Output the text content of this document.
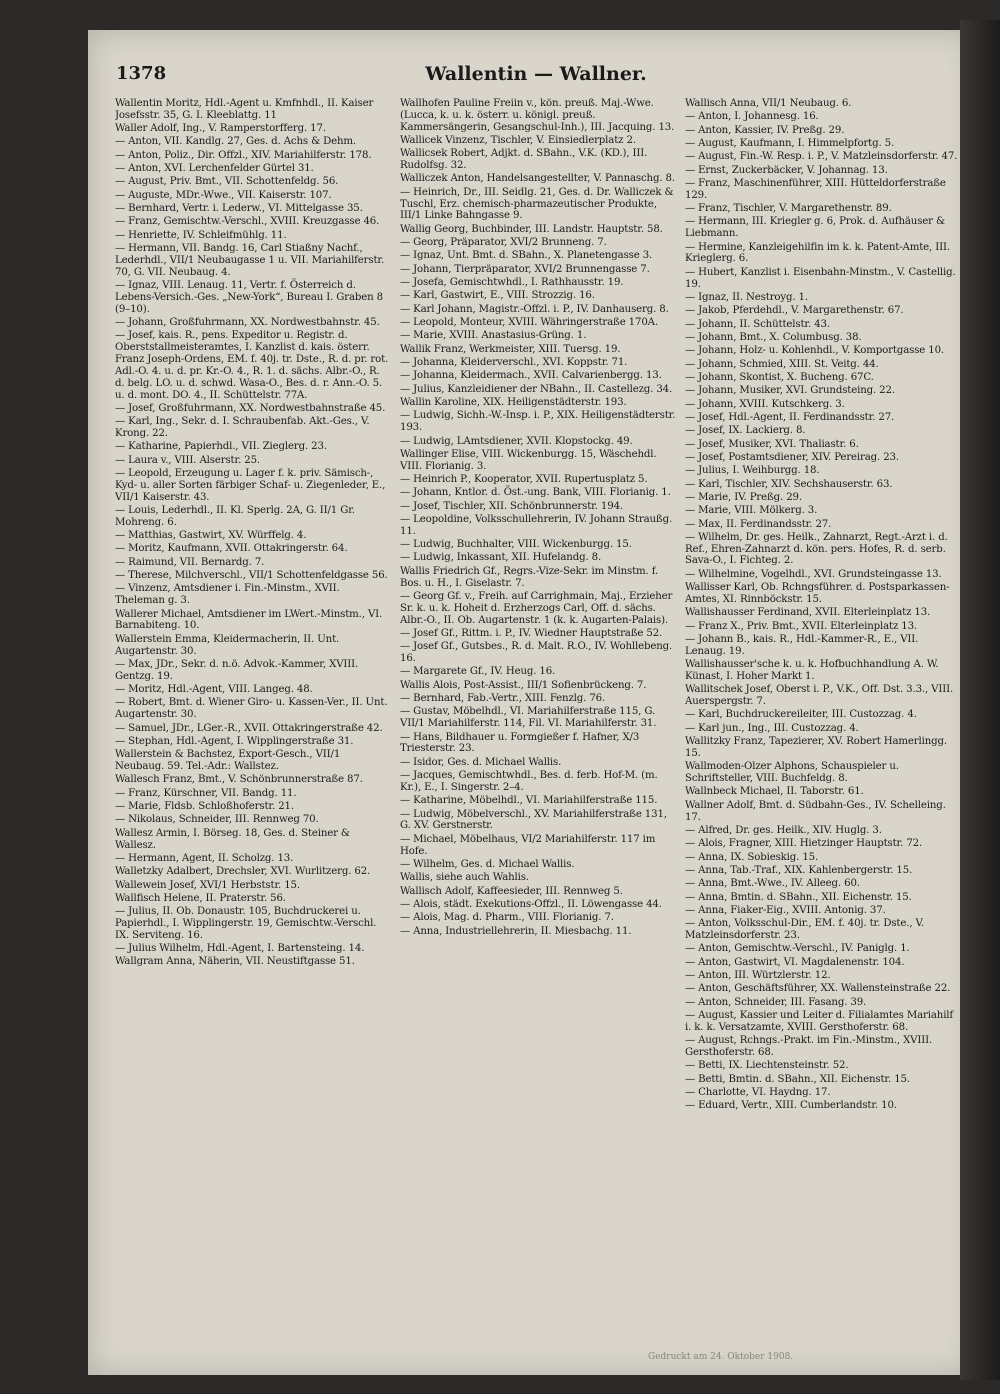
1378	Wallentin — Wallner.

Wallentin Moritz, Hdl.-Agent u. Kmfnhdl., II. Kaiser Josefsstr. 35, G. I. Kleeblattg. 11

Waller Adolf, Ing., V. Ramperstorfferg. 17.

— Anton, VII. Kandlg. 27, Ges. d. Achs & Dehm.

— Anton, Poliz., Dir. Offzl., XIV. Mariahilferstr. 178.

— Anton, XVI. Lerchenfelder Gürtel 31.

— August, Priv. Bmt., VII. Schottenfeldg. 56.

— Auguste, MDr.-Wwe., VII. Kaiserstr. 107.

— Bernhard, Vertr. i. Lederw., VI. Mittelgasse 35.

— Franz, Gemischtw.-Verschl., XVIII. Kreuzgasse 46.

— Henriette, IV. Schleifmühlg. 11.

— Hermann, VII. Bandg. 16, Carl Stiaßny Nachf., Lederhdl., VII/1 Neubaugasse 1 u. VII. Mariahilferstr. 70, G. VII. Neubaug. 4.

— Ignaz, VIII. Lenaug. 11, Vertr. f. Österreich d. Lebens-Versich.-Ges. „New-York“, Bureau I. Graben 8 (9–10).

— Johann, Großfuhrmann, XX. Nordwestbahnstr. 45.

— Josef, kais. R., pens. Expeditor u. Registr. d. Oberststallmeisteramtes, I. Kanzlist d. kais. österr. Franz Joseph-Ordens, EM. f. 40j. tr. Dste., R. d. pr. rot. Adl.-O. 4. u. d. pr. Kr.-O. 4., R. 1. d. sächs. Albr.-O., R. d. belg. LO. u. d. schwd. Wasa-O., Bes. d. r. Ann.-O. 5. u. d. mont. DO. 4., II. Schüttelstr. 77A.

— Josef, Großfuhrmann, XX. Nordwestbahnstraße 45.

— Karl, Ing., Sekr. d. I. Schraubenfab. Akt.-Ges., V. Krong. 22.

— Katharine, Papierhdl., VII. Zieglerg. 23.

— Laura v., VIII. Alserstr. 25.

— Leopold, Erzeugung u. Lager f. k. priv. Sämisch-, Kyd- u. aller Sorten färbiger Schaf- u. Ziegenleder, E., VII/1 Kaiserstr. 43.

— Louis, Lederhdl., II. Kl. Sperlg. 2A, G. II/1 Gr. Mohreng. 6.

— Matthias, Gastwirt, XV. Würffelg. 4.

— Moritz, Kaufmann, XVII. Ottakringerstr. 64.

— Raimund, VII. Bernardg. 7.

— Therese, Milchverschl., VII/1 Schottenfeldgasse 56.

— Vinzenz, Amtsdiener i. Fin.-Minstm., XVII. Theleman g. 3.

Wallerer Michael, Amtsdiener im LWert.-Minstm., VI. Barnabiteng. 10.

Wallerstein Emma, Kleidermacherin, II. Unt. Augartenstr. 30.

— Max, JDr., Sekr. d. n.ö. Advok.-Kammer, XVIII. Gentzg. 19.

— Moritz, Hdl.-Agent, VIII. Langeg. 48.

— Robert, Bmt. d. Wiener Giro- u. Kassen-Ver., II. Unt. Augartenstr. 30.

— Samuel, JDr., LGer.-R., XVII. Ottakringerstraße 42.

— Stephan, Hdl.-Agent, I. Wipplingerstraße 31.

Wallerstein & Bachstez, Export-Gesch., VII/1 Neubaug. 59. Tel.-Adr.: Wallstez.

Wallesch Franz, Bmt., V. Schönbrunnerstraße 87.

— Franz, Kürschner, VII. Bandg. 11.

— Marie, Fldsb. Schloßhoferstr. 21.

— Nikolaus, Schneider, III. Rennweg 70.

Wallesz Armin, I. Börseg. 18, Ges. d. Steiner & Wallesz.

— Hermann, Agent, II. Scholzg. 13.

Walletzky Adalbert, Drechsler, XVI. Wurlitzerg. 62.

Wallewein Josef, XVI/1 Herbststr. 15.

Wallfisch Helene, II. Praterstr. 56.

— Julius, II. Ob. Donaustr. 105, Buchdruckerei u. Papierhdl., I. Wipplingerstr. 19, Gemischtw.-Verschl. IX. Serviteng. 16.

— Julius Wilhelm, Hdl.-Agent, I. Bartensteing. 14.

Wallgram Anna, Näherin, VII. Neustiftgasse 51.

Wallhofen Pauline Freiin v., kön. preuß. Maj.-Wwe. (Lucca, k. u. k. österr. u. königl. preuß. Kammersängerin, Gesangschul-Inh.), III. Jacquing. 13.

Wallicek Vinzenz, Tischler, V. Einsiedlerplatz 2.

Wallicsek Robert, Adjkt. d. SBahn., V.K. (KD.), III. Rudolfsg. 32.

Walliczek Anton, Handelsangestellter, V. Pannaschg. 8.

— Heinrich, Dr., III. Seidlg. 21, Ges. d. Dr. Walliczek & Tuschl, Erz. chemisch-pharmazeutischer Produkte, III/1 Linke Bahngasse 9.

Wallig Georg, Buchbinder, III. Landstr. Hauptstr. 58.

— Georg, Präparator, XVI/2 Brunneng. 7.

— Ignaz, Unt. Bmt. d. SBahn., X. Planetengasse 3.

— Johann, Tierpräparator, XVI/2 Brunnengasse 7.

— Josefa, Gemischtwhdl., I. Rathhausstr. 19.

— Karl, Gastwirt, E., VIII. Strozzig. 16.

— Karl Johann, Magistr.-Offzl. i. P., IV. Danhauserg. 8.

— Leopold, Monteur, XVIII. Währingerstraße 170A.

— Marie, XVIII. Anastasius-Grüng. 1.

Wallik Franz, Werkmeister, XIII. Tuersg. 19.

— Johanna, Kleiderverschl., XVI. Koppstr. 71.

— Johanna, Kleidermach., XVII. Calvarienbergg. 13.

— Julius, Kanzleidiener der NBahn., II. Castellezg. 34.

Wallin Karoline, XIX. Heiligenstädterstr. 193.

— Ludwig, Sichh.-W.-Insp. i. P., XIX. Heiligenstädterstr. 193.

— Ludwig, LAmtsdiener, XVII. Klopstockg. 49.

Wallinger Elise, VIII. Wickenburgg. 15, Wäschehdl. VIII. Florianig. 3.

— Heinrich P., Kooperator, XVII. Rupertusplatz 5.

— Johann, Kntlor. d. Öst.-ung. Bank, VIII. Florianig. 1.

— Josef, Tischler, XII. Schönbrunnerstr. 194.

— Leopoldine, Volksschullehrerin, IV. Johann Straußg. 11.

— Ludwig, Buchhalter, VIII. Wickenburgg. 15.

— Ludwig, Inkassant, XII. Hufelandg. 8.

Wallis Friedrich Gf., Regrs.-Vize-Sekr. im Minstm. f. Bos. u. H., I. Giselastr. 7.

— Georg Gf. v., Freih. auf Carrighmain, Maj., Erzieher Sr. k. u. k. Hoheit d. Erzherzogs Carl, Off. d. sächs. Albr.-O., II. Ob. Augartenstr. 1 (k. k. Augarten-Palais).

— Josef Gf., Rittm. i. P., IV. Wiedner Hauptstraße 52.

— Josef Gf., Gutsbes., R. d. Malt. R.O., IV. Wohllebeng. 16.

— Margarete Gf., IV. Heug. 16.

Wallis Alois, Post-Assist., III/1 Sofienbrückeng. 7.

— Bernhard, Fab.-Vertr., XIII. Fenzlg. 76.

— Gustav, Möbelhdl., VI. Mariahilferstraße 115, G. VII/1 Mariahilferstr. 114, Fil. VI. Mariahilferstr. 31.

— Hans, Bildhauer u. Formgießer f. Hafner, X/3 Triesterstr. 23.

— Isidor, Ges. d. Michael Wallis.

— Jacques, Gemischtwhdl., Bes. d. ferb. Hof-M. (m. Kr.), E., I. Singerstr. 2–4.

— Katharine, Möbelhdl., VI. Mariahilferstraße 115.

— Ludwig, Möbelverschl., XV. Mariahilferstraße 131, G. XV. Gerstnerstr.

— Michael, Möbelhaus, VI/2 Mariahilferstr. 117 im Hofe.

— Wilhelm, Ges. d. Michael Wallis.

Wallis, siehe auch Wahlis.

Wallisch Adolf, Kaffeesieder, III. Rennweg 5.

— Alois, städt. Exekutions-Offzl., II. Löwengasse 44.

— Alois, Mag. d. Pharm., VIII. Florianig. 7.

— Anna, Industriellehrerin, II. Miesbachg. 11.

Wallisch Anna, VII/1 Neubaug. 6.

— Anton, I. Johannesg. 16.

— Anton, Kassier, IV. Preßg. 29.

— August, Kaufmann, I. Himmelpfortg. 5.

— August, Fin.-W. Resp. i. P., V. Matzleinsdorferstr. 47.

— Ernst, Zuckerbäcker, V. Johannag. 13.

— Franz, Maschinenführer, XIII. Hütteldorferstraße 129.

— Franz, Tischler, V. Margarethenstr. 89.

— Hermann, III. Kriegler g. 6, Prok. d. Aufhäuser & Liebmann.

— Hermine, Kanzleigehilfin im k. k. Patent-Amte, III. Krieglerg. 6.

— Hubert, Kanzlist i. Eisenbahn-Minstm., V. Castellig. 19.

— Ignaz, II. Nestroyg. 1.

— Jakob, Pferdehdl., V. Margarethenstr. 67.

— Johann, II. Schüttelstr. 43.

— Johann, Bmt., X. Columbusg. 38.

— Johann, Holz- u. Kohlenhdl., V. Komportgasse 10.

— Johann, Schmied, XIII. St. Veitg. 44.

— Johann, Skontist, X. Bucheng. 67C.

— Johann, Musiker, XVI. Grundsteing. 22.

— Johann, XVIII. Kutschkerg. 3.

— Josef, Hdl.-Agent, II. Ferdinandsstr. 27.

— Josef, IX. Lackierg. 8.

— Josef, Musiker, XVI. Thaliastr. 6.

— Josef, Postamtsdiener, XIV. Pereirag. 23.

— Julius, I. Weihburgg. 18.

— Karl, Tischler, XIV. Sechshauserstr. 63.

— Marie, IV. Preßg. 29.

— Marie, VIII. Mölkerg. 3.

— Max, II. Ferdinandsstr. 27.

— Wilhelm, Dr. ges. Heilk., Zahnarzt, Regt.-Arzt i. d. Ref., Ehren-Zahnarzt d. kön. pers. Hofes, R. d. serb. Sava-O., I. Fichteg. 2.

— Wilhelmine, Vogelhdl., XVI. Grundsteingasse 13.

Wallisser Karl, Ob. Rchngsführer. d. Postsparkassen-Amtes, XI. Rinnböckstr. 15.

Wallishausser Ferdinand, XVII. Elterleinplatz 13.

— Franz X., Priv. Bmt., XVII. Elterleinplatz 13.

— Johann B., kais. R., Hdl.-Kammer-R., E., VII. Lenaug. 19.

Wallishausser'sche k. u. k. Hofbuchhandlung A. W. Künast, I. Hoher Markt 1.

Wallitschek Josef, Oberst i. P., V.K., Off. Dst. 3.3., VIII. Auerspergstr. 7.

— Karl, Buchdruckereileiter, III. Custozzag. 4.

— Karl jun., Ing., III. Custozzag. 4.

Wallitzky Franz, Tapezierer, XV. Robert Hamerlingg. 15.

Wallmoden-Olzer Alphons, Schauspieler u. Schriftsteller, VIII. Buchfeldg. 8.

Wallnbeck Michael, II. Taborstr. 61.

Wallner Adolf, Bmt. d. Südbahn-Ges., IV. Schelleing. 17.

— Alfred, Dr. ges. Heilk., XIV. Huglg. 3.

— Alois, Fragner, XIII. Hietzinger Hauptstr. 72.

— Anna, IX. Sobieskig. 15.

— Anna, Tab.-Traf., XIX. Kahlenbergerstr. 15.

— Anna, Bmt.-Wwe., IV. Alleeg. 60.

— Anna, Bmtin. d. SBahn., XII. Eichenstr. 15.

— Anna, Fiaker-Eig., XVIII. Antonig. 37.

— Anton, Volksschul-Dir., EM. f. 40j. tr. Dste., V. Matzleinsdorferstr. 23.

— Anton, Gemischtw.-Verschl., IV. Paniglg. 1.

— Anton, Gastwirt, VI. Magdalenenstr. 104.

— Anton, III. Würtzlerstr. 12.

— Anton, Geschäftsführer, XX. Wallensteinstraße 22.

— Anton, Schneider, III. Fasang. 39.

— August, Kassier und Leiter d. Filialamtes Mariahilf i. k. k. Versatzamte, XVIII. Gersthoferstr. 68.

— August, Rchngs.-Prakt. im Fin.-Minstm., XVIII. Gersthoferstr. 68.

— Betti, IX. Liechtensteinstr. 52.

— Betti, Bmtin. d. SBahn., XII. Eichenstr. 15.

— Charlotte, VI. Haydng. 17.

— Eduard, Vertr., XIII. Cumberlandstr. 10.

Gedruckt am 24. Oktober 1908.
